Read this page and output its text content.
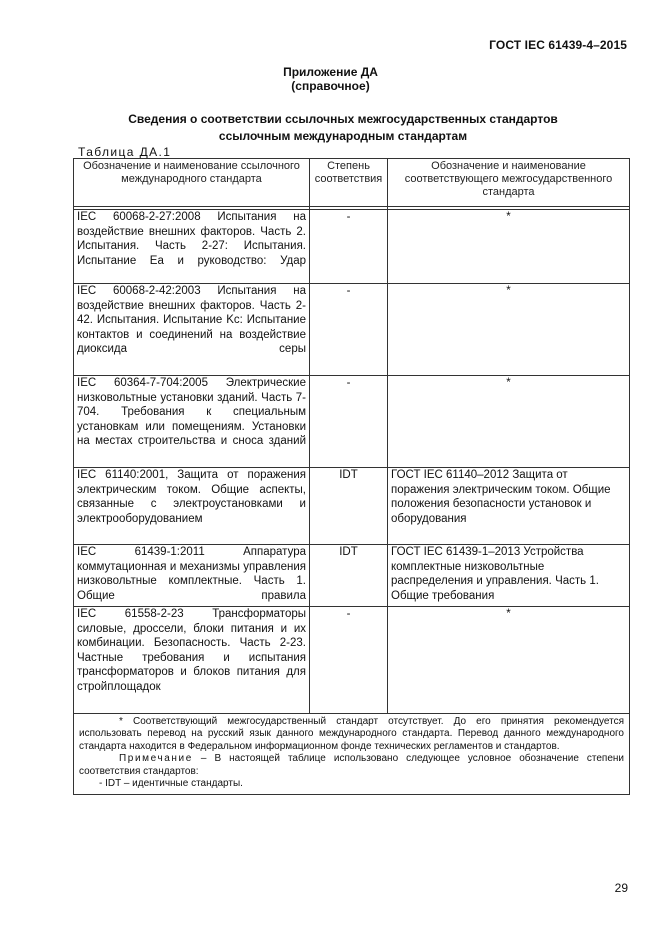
ГОСТ IEC 61439-4–2015
Приложение ДА
(справочное)
Сведения о соответствии ссылочных межгосударственных стандартов
ссылочным международным стандартам
Таблица ДА.1
Обозначение и наименование ссылочного международного стандарта	Степень соответствия	Обозначение и наименование соответствующего межгосударственного стандарта

IEC 60068-2-27:2008 Испытания на воздействие внешних факторов. Часть 2. Испытания. Часть 2-27: Испытания. Испытание Ea и руководство: Удар	-	*
IEC 60068-2-42:2003 Испытания на воздействие внешних факторов. Часть 2-42. Испытания. Испытание Kc: Испытание контактов и соединений на воздействие диоксида серы	-	*
IEC 60364-7-704:2005 Электрические низковольтные установки зданий. Часть 7-704. Требования к специальным установкам или помещениям. Установки на местах строительства и сноса зданий	-	*
IEC 61140:2001, Защита от поражения электрическим током. Общие аспекты, связанные с электроустановками и электрооборудованием	IDT	ГОСТ IEC 61140–2012 Защита от поражения электрическим током. Общие положения безопасности установок и оборудования
IEC 61439-1:2011 Аппаратура коммутационная и механизмы управления низковольтные комплектные. Часть 1. Общие правила	IDT	ГОСТ IEC 61439-1–2013 Устройства комплектные низковольтные распределения и управления. Часть 1. Общие требования
IEC 61558-2-23 Трансформаторы силовые, дроссели, блоки питания и их комбинации. Безопасность. Часть 2-23. Частные требования и испытания трансформаторов и блоков питания для стройплощадок	-	*

* Соответствующий межгосударственный стандарт отсутствует. До его принятия рекомендуется использовать перевод на русский язык данного международного стандарта. Перевод данного международного стандарта находится в Федеральном информационном фонде технических регламентов и стандартов.

Примечание – В настоящей таблице использовано следующее условное обозначение степени соответствия стандартов:

- IDT – идентичные стандарты.		

29
